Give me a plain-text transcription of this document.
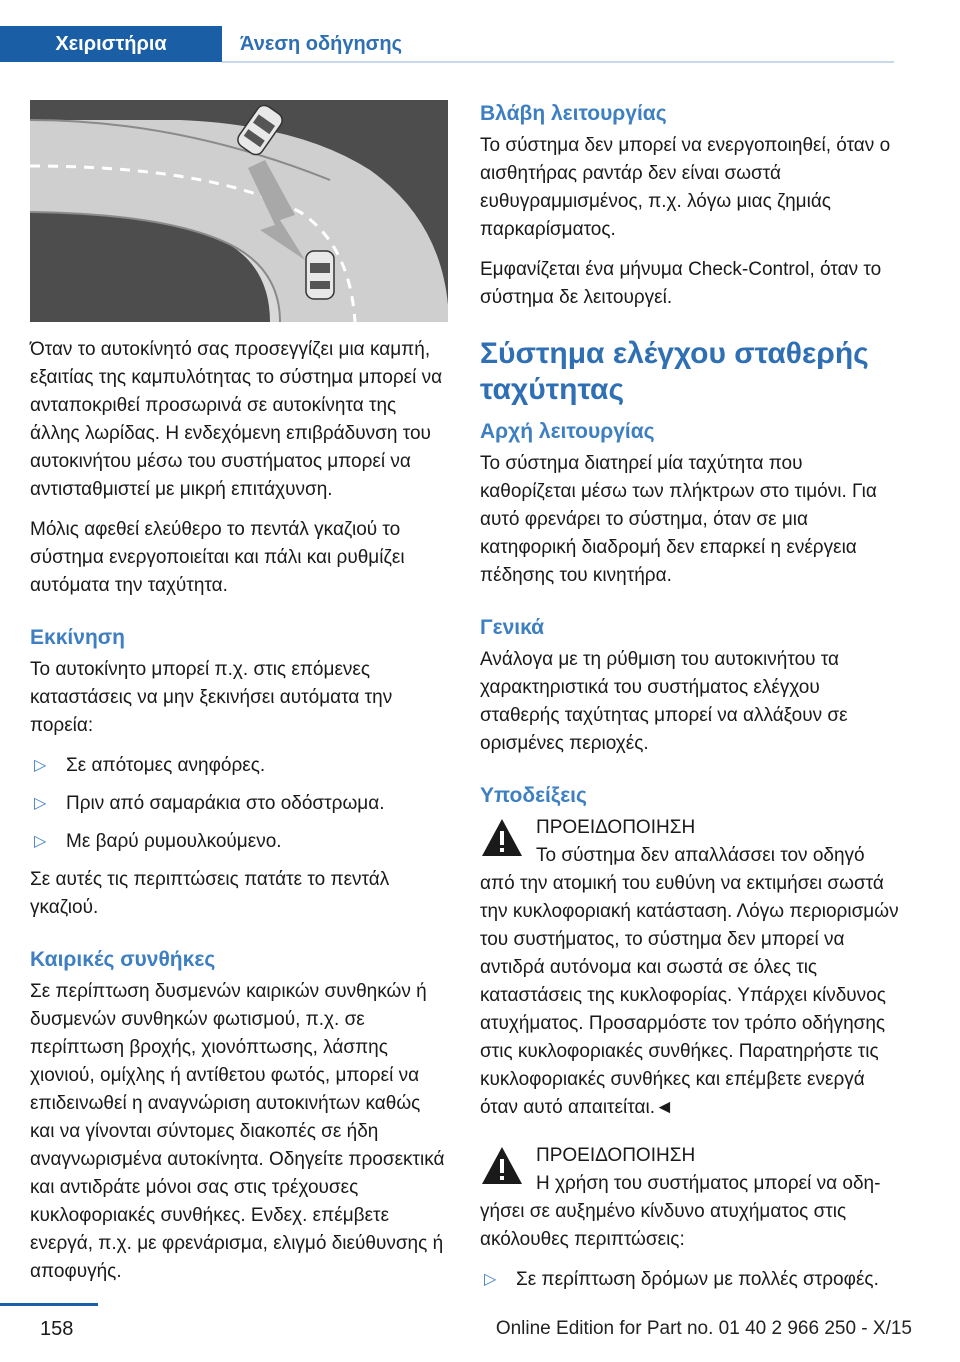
Χειριστήρια	Άνεση οδήγησης

Όταν το αυτοκίνητό σας προσεγγίζει μια καμπή, εξαιτίας της καμπυλότητας το σύστημα μπορεί να ανταποκριθεί προσωρινά σε αυτοκίνητα της άλλης λωρίδας. Η ενδεχόμενη επιβράδυνση του αυτοκινήτου μέσω του συστήματος μπορεί να αντισταθμιστεί με μικρή επιτάχυνση.

Μόλις αφεθεί ελεύθερο το πεντάλ γκαζιού το σύστημα ενεργοποιείται και πάλι και ρυθμίζει αυτόματα την ταχύτητα.

Εκκίνηση

Το αυτοκίνητο μπορεί π.χ. στις επόμενες καταστάσεις να μην ξεκινήσει αυτόματα την πορεία:

▷ Σε απότομες ανηφόρες.
▷ Πριν από σαμαράκια στο οδόστρωμα.
▷ Με βαρύ ρυμουλκούμενο.

Σε αυτές τις περιπτώσεις πατάτε το πεντάλ γκαζιού.

Καιρικές συνθήκες

Σε περίπτωση δυσμενών καιρικών συνθηκών ή δυσμενών συνθηκών φωτισμού, π.χ. σε περίπτωση βροχής, χιονόπτωσης, λάσπης χιονιού, ομίχλης ή αντίθετου φωτός, μπορεί να επιδεινωθεί η αναγνώριση αυτοκινήτων καθώς και να γίνονται σύντομες διακοπές σε ήδη αναγνωρισμένα αυτοκίνητα. Οδηγείτε προσεκτικά και αντιδράτε μόνοι σας στις τρέχουσες κυκλοφοριακές συνθήκες. Ενδεχ. επέμβετε ενεργά, π.χ. με φρενάρισμα, ελιγμό διεύθυνσης ή αποφυγής.

Βλάβη λειτουργίας

Το σύστημα δεν μπορεί να ενεργοποιηθεί, όταν ο αισθητήρας ραντάρ δεν είναι σωστά ευθυγραμμισμένος, π.χ. λόγω μιας ζημιάς παρκαρίσματος.

Εμφανίζεται ένα μήνυμα Check-Control, όταν το σύστημα δε λειτουργεί.

Σύστημα ελέγχου σταθερής ταχύτητας
Αρχή λειτουργίας

Το σύστημα διατηρεί μία ταχύτητα που καθορίζεται μέσω των πλήκτρων στο τιμόνι. Για αυτό φρενάρει το σύστημα, όταν σε μια κατηφορική διαδρομή δεν επαρκεί η ενέργεια πέδησης του κινητήρα.

Γενικά

Ανάλογα με τη ρύθμιση του αυτοκινήτου τα χαρακτηριστικά του συστήματος ελέγχου σταθερής ταχύτητας μπορεί να αλλάξουν σε ορισμένες περιοχές.

Υποδείξεις
ΠΡΟΕΙΔΟΠΟΙΗΣΗ

Το σύστημα δεν απαλλάσσει τον οδηγό

από την ατομική του ευθύνη να εκτιμήσει σωστά την κυκλοφοριακή κατάσταση. Λόγω περιορισμών του συστήματος, το σύστημα δεν μπορεί να αντιδρά αυτόνομα και σωστά σε όλες τις καταστάσεις της κυκλοφορίας. Υπάρχει κίνδυνος ατυχήματος. Προσαρμόστε τον τρόπο οδήγησης στις κυκλοφοριακές συνθήκες. Παρατηρήστε τις κυκλοφοριακές συνθήκες και επέμβετε ενεργά όταν αυτό απαιτείται.◄

ΠΡΟΕΙΔΟΠΟΙΗΣΗ

Η χρήση του συστήματος μπορεί να οδη-

γήσει σε αυξημένο κίνδυνο ατυχήματος στις ακόλουθες περιπτώσεις:

▷ Σε περίπτωση δρόμων με πολλές στροφές.
158	Online Edition for Part no. 01 40 2 966 250 - X/15
